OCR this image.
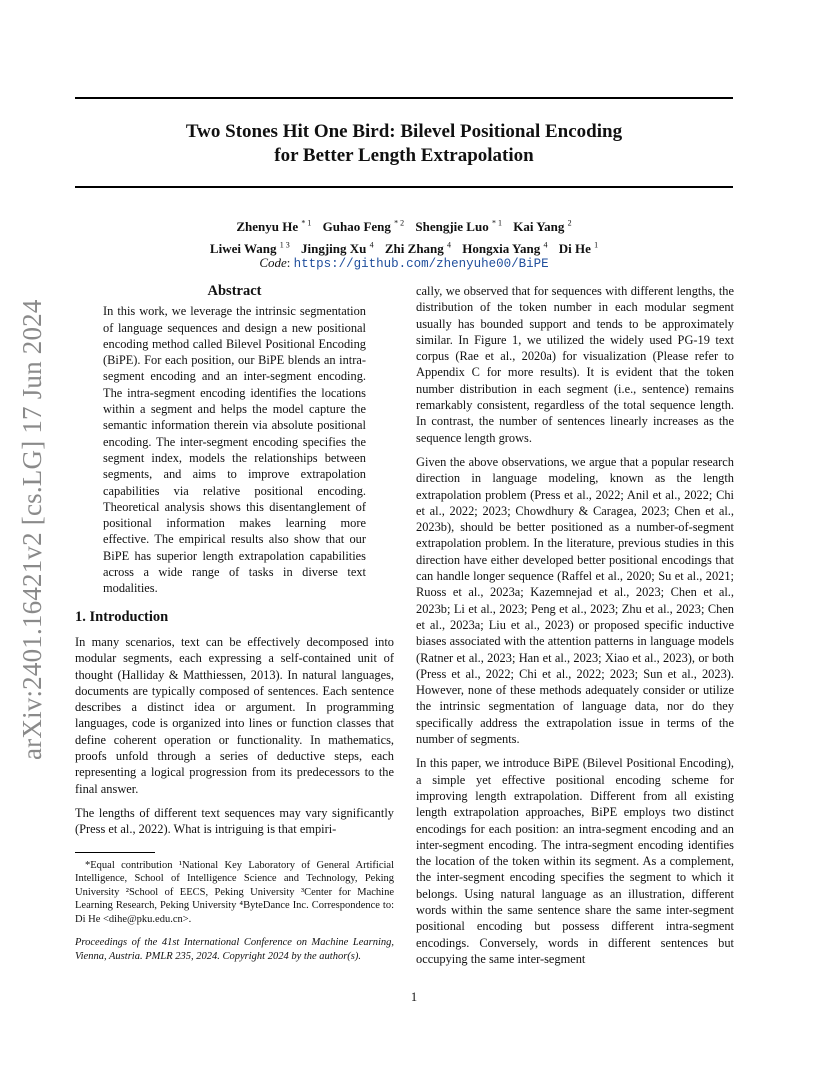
arXiv:2401.16421v2 [cs.LG] 17 Jun 2024
Two Stones Hit One Bird: Bilevel Positional Encoding
for Better Length Extrapolation
Zhenyu He $^{* 1}$ Guhao Feng $^{* 2}$ Shengjie Luo $^{* 1}$ Kai Yang $^2$
Liwei Wang $^{1 3}$ Jingjing Xu $^4$ Zhi Zhang $^4$ Hongxia Yang $^4$ Di He $^1$
Code: https://github.com/zhenyuhe00/BiPE
Abstract

In this work, we leverage the intrinsic segmentation of language sequences and design a new positional encoding method called Bilevel Positional Encoding (BiPE). For each position, our BiPE blends an intra-segment encoding and an inter-segment encoding. The intra-segment encoding identifies the locations within a segment and helps the model capture the semantic information therein via absolute positional encoding. The inter-segment encoding specifies the segment index, models the relationships between segments, and aims to improve extrapolation capabilities via relative positional encoding. Theoretical analysis shows this disentanglement of positional information makes learning more effective. The empirical results also show that our BiPE has superior length extrapolation capabilities across a wide range of tasks in diverse text modalities.

1. Introduction

In many scenarios, text can be effectively decomposed into modular segments, each expressing a self-contained unit of thought (Halliday & Matthiessen, 2013). In natural languages, documents are typically composed of sentences. Each sentence describes a distinct idea or argument. In programming languages, code is organized into lines or function classes that define coherent operation or functionality. In mathematics, proofs unfold through a series of deductive steps, each representing a logical progression from its predecessors to the final answer.

The lengths of different text sequences may vary significantly (Press et al., 2022). What is intriguing is that empiri-

*Equal contribution ¹National Key Laboratory of General Artificial Intelligence, School of Intelligence Science and Technology, Peking University ²School of EECS, Peking University ³Center for Machine Learning Research, Peking University ⁴ByteDance Inc. Correspondence to: Di He <dihe@pku.edu.cn>.

Proceedings of the 41st International Conference on Machine Learning, Vienna, Austria. PMLR 235, 2024. Copyright 2024 by the author(s).

cally, we observed that for sequences with different lengths, the distribution of the token number in each modular segment usually has bounded support and tends to be approximately similar. In Figure 1, we utilized the widely used PG-19 text corpus (Rae et al., 2020a) for visualization (Please refer to Appendix C for more results). It is evident that the token number distribution in each segment (i.e., sentence) remains remarkably consistent, regardless of the total sequence length. In contrast, the number of sentences linearly increases as the sequence length grows.

Given the above observations, we argue that a popular research direction in language modeling, known as the length extrapolation problem (Press et al., 2022; Anil et al., 2022; Chi et al., 2022; 2023; Chowdhury & Caragea, 2023; Chen et al., 2023b), should be better positioned as a number-of-segment extrapolation problem. In the literature, previous studies in this direction have either developed better positional encodings that can handle longer sequence (Raffel et al., 2020; Su et al., 2021; Ruoss et al., 2023a; Kazemnejad et al., 2023; Chen et al., 2023b; Li et al., 2023; Peng et al., 2023; Zhu et al., 2023; Chen et al., 2023a; Liu et al., 2023) or proposed specific inductive biases associated with the attention patterns in language models (Ratner et al., 2023; Han et al., 2023; Xiao et al., 2023), or both (Press et al., 2022; Chi et al., 2022; 2023; Sun et al., 2023). However, none of these methods adequately consider or utilize the intrinsic segmentation of language data, nor do they specifically address the extrapolation issue in terms of the number of segments.

In this paper, we introduce BiPE (Bilevel Positional Encoding), a simple yet effective positional encoding scheme for improving length extrapolation. Different from all existing length extrapolation approaches, BiPE employs two distinct encodings for each position: an intra-segment encoding and an inter-segment encoding. The intra-segment encoding identifies the location of the token within its segment. As a complement, the inter-segment encoding specifies the segment to which it belongs. Using natural language as an illustration, different words within the same sentence share the same inter-segment positional encoding but possess different intra-segment encodings. Conversely, words in different sentences but occupying the same inter-segment

1
